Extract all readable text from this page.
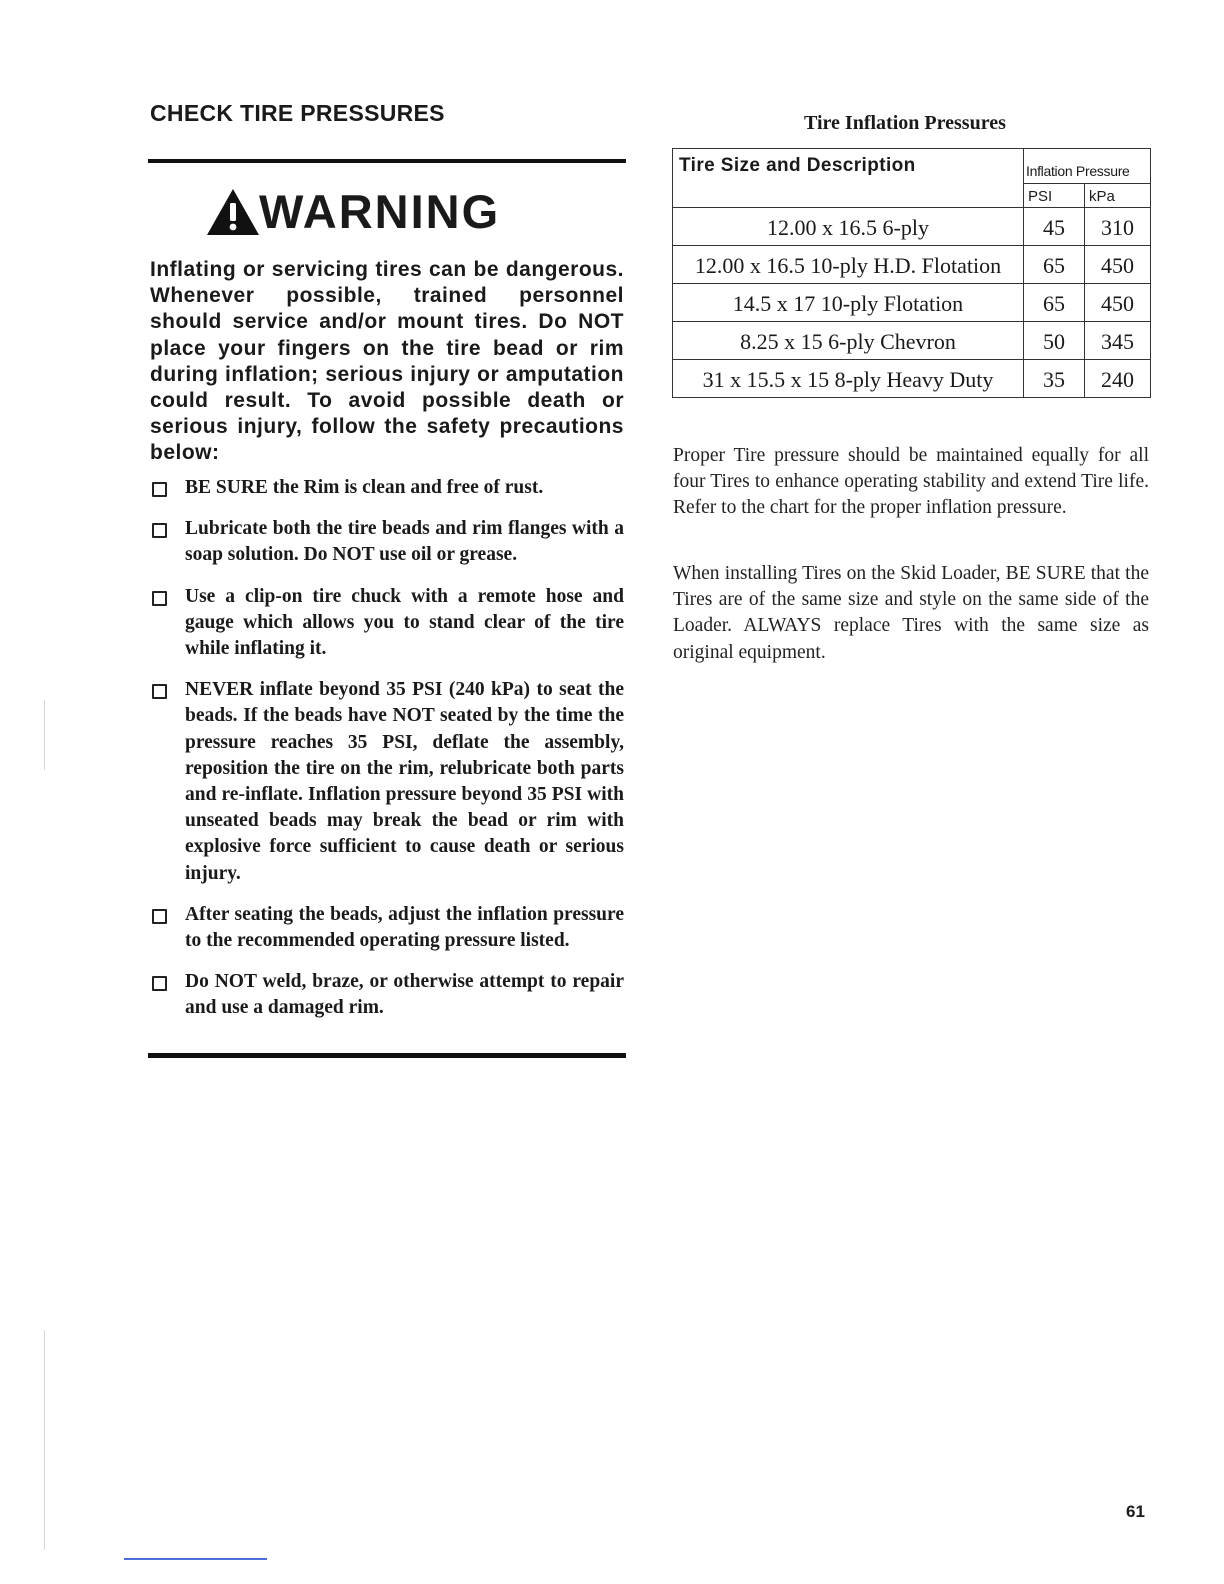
CHECK TIRE PRESSURES
WARNING

Inflating or servicing tires can be dangerous. Whenever possible, trained personnel should service and/or mount tires. Do NOT place your fingers on the tire bead or rim during inflation; serious injury or amputation could result. To avoid possible death or serious injury, follow the safety precautions below:

BE SURE the Rim is clean and free of rust.
Lubricate both the tire beads and rim flanges with a soap solution. Do NOT use oil or grease.
Use a clip-on tire chuck with a remote hose and gauge which allows you to stand clear of the tire while inflating it.
NEVER inflate beyond 35 PSI (240 kPa) to seat the beads. If the beads have NOT seated by the time the pressure reaches 35 PSI, deflate the assembly, reposition the tire on the rim, relubricate both parts and re-inflate. Inflation pressure beyond 35 PSI with unseated beads may break the bead or rim with explosive force sufficient to cause death or serious injury.
After seating the beads, adjust the inflation pressure to the recommended operating pressure listed.
Do NOT weld, braze, or otherwise attempt to repair and use a damaged rim.
Tire Inflation Pressures
Tire Size and Description	Inflation Pressure	
	PSI	kPa
12.00 x 16.5 6-ply	45	310
12.00 x 16.5 10-ply H.D. Flotation	65	450
14.5 x 17 10-ply Flotation	65	450
8.25 x 15 6-ply Chevron	50	345
31 x 15.5 x 15 8-ply Heavy Duty	35	240

Proper Tire pressure should be maintained equally for all four Tires to enhance operating stability and extend Tire life. Refer to the chart for the proper inflation pressure.

When installing Tires on the Skid Loader, BE SURE that the Tires are of the same size and style on the same side of the Loader. ALWAYS replace Tires with the same size as original equipment.

61
